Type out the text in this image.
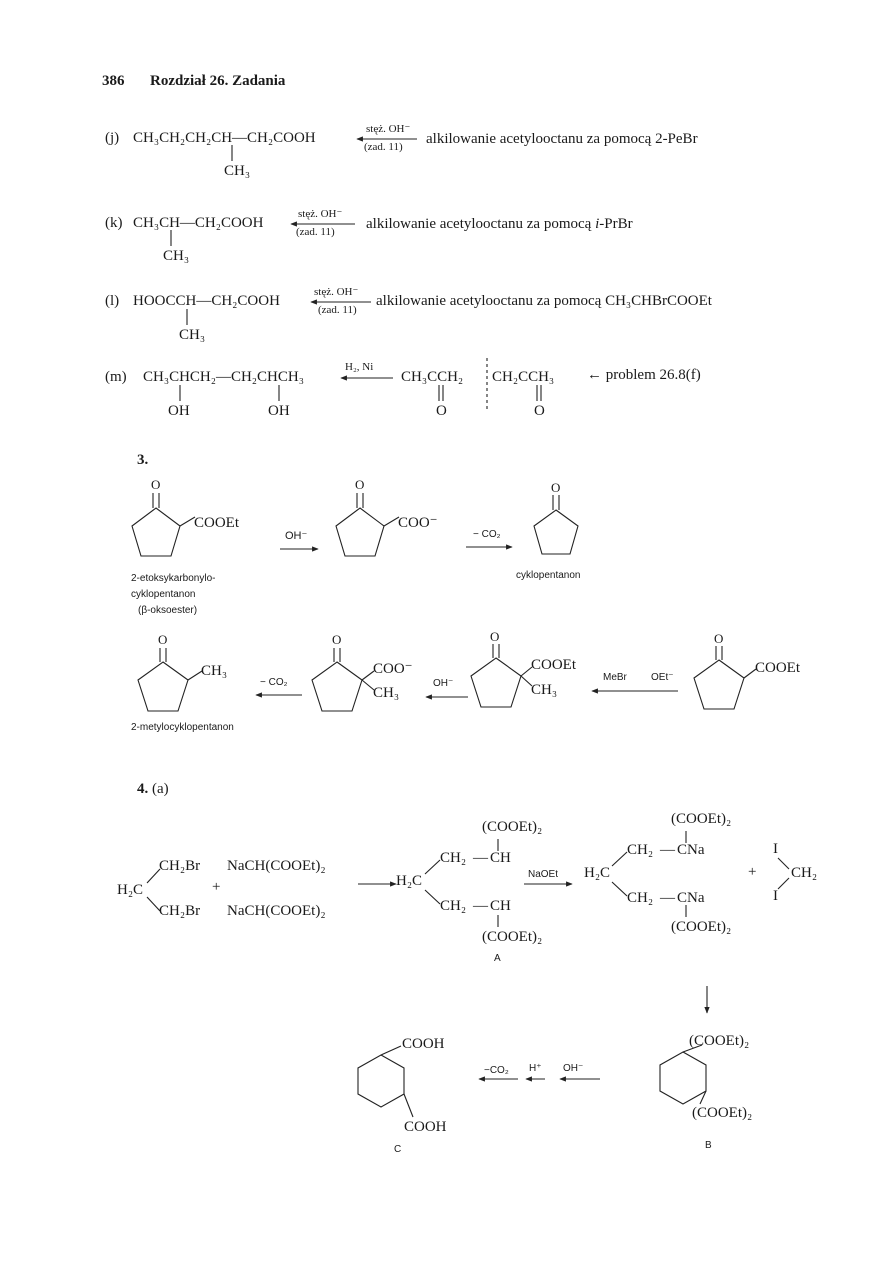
386 Rozdział 26. Zadania
(j) CH₃CH₂CH₂CH—CH₂COOH
CH₃
stęż. OH⁻
(zad. 11) alkilowanie acetylooctanu za pomocą 2-PeBr
(k) CH₃CH—CH₂COOH
CH₃
stęż. OH⁻
(zad. 11) alkilowanie acetylooctanu za pomocą i-PrBr
(l) HOOCCH—CH₂COOH
CH₃
stęż. OH⁻
(zad. 11)
alkilowanie acetylooctanu za pomocą CH₃CHBrCOOEt
(m) CH₃CHCH₂—CH₂CHCH₃
OH	OH
H₂, Ni
CH₃CCH₂ CH₂CCH₃
O	O
← problem 26.8(f)
3.
O
COOEt
OH⁻
O
COO⁻
− CO₂
O
2-etoksykarbonylo-
cyklopentanon
(β-oksoester)
cyklopentanon
O
CH₃
− CO₂
O
COO⁻
CH₃
OH⁻
O
COOEt
CH₃
MeBr OEt⁻
O
COOEt
2-metylocyklopentanon
4. (a)
H₂C
CH₂Br
CH₂Br
NaCH(COOEt)₂
+
NaCH(COOEt)₂
H₂C
(COOEt)₂
CH₂ — CH
CH₂ — CH
(COOEt)₂
A
NaOEt H₂C
(COOEt)₂
CH₂ — CNa
CH₂ — CNa
(COOEt)₂
+
I
CH₂
I
COOH
COOH
C
−CO₂ H⁺ OH⁻
(COOEt)₂
(COOEt)₂
B
